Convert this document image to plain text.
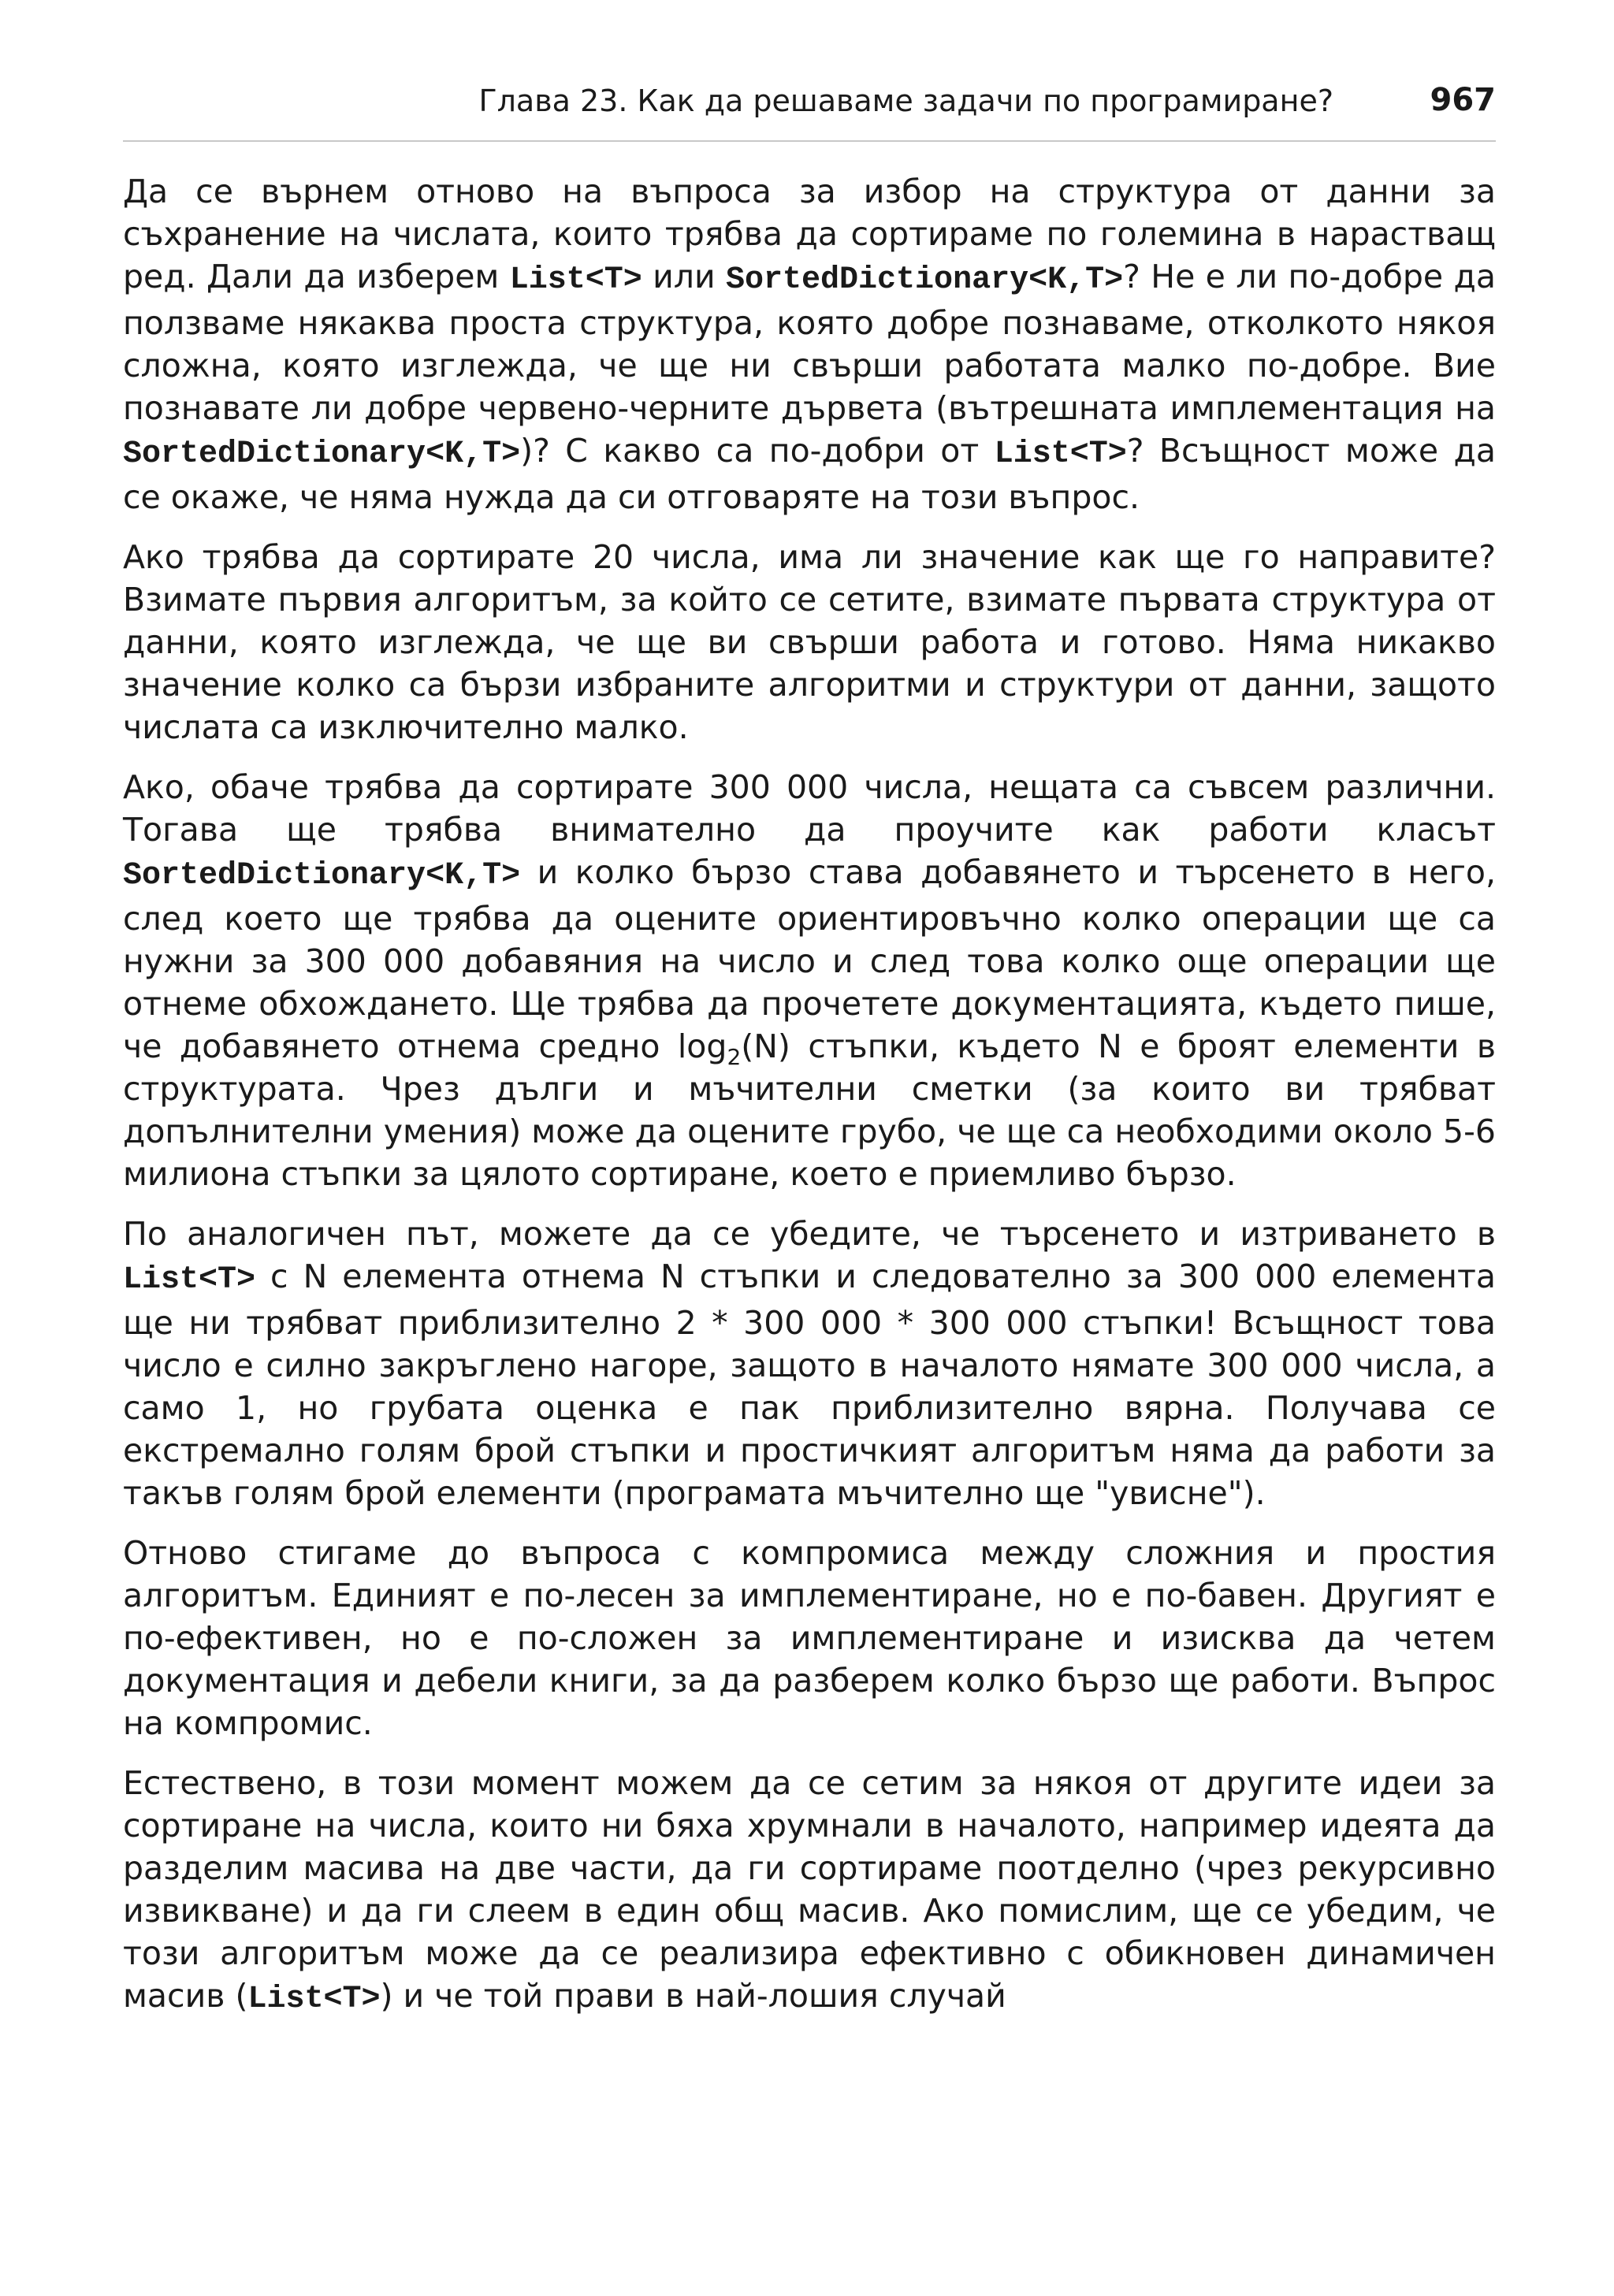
Глава 23. Как да решаваме задачи по програмиране?	967

Да се върнем отново на въпроса за избор на структура от данни за съхранение на числата, които трябва да сортираме по големина в нарастващ ред. Дали да изберем List<T> или SortedDictionary<K,T>? Не е ли по-добре да ползваме някаква проста структура, която добре познаваме, отколкото някоя сложна, която изглежда, че ще ни свърши работата малко по-добре. Вие познавате ли добре червено-черните дървета (вътрешната имплементация на SortedDictionary<K,T>)? С какво са по-добри от List<T>? Всъщност може да се окаже, че няма нужда да си отговаряте на този въпрос.

Ако трябва да сортирате 20 числа, има ли значение как ще го направите? Взимате първия алгоритъм, за който се сетите, взимате първата структура от данни, която изглежда, че ще ви свърши работа и готово. Няма никакво значение колко са бързи избраните алгоритми и структури от данни, защото числата са изключително малко.

Ако, обаче трябва да сортирате 300 000 числа, нещата са съвсем различни. Тогава ще трябва внимателно да проучите как работи класът SortedDictionary<K,T> и колко бързо става добавянето и търсенето в него, след което ще трябва да оцените ориентировъчно колко операции ще са нужни за 300 000 добавяния на число и след това колко още операции ще отнеме обхождането. Ще трябва да прочетете документацията, където пише, че добавянето отнема средно $\log_2(N)$ стъпки, където N е броят елементи в структурата. Чрез дълги и мъчителни сметки (за които ви трябват допълнителни умения) може да оцените грубо, че ще са необходими около 5-6 милиона стъпки за цялото сортиране, което е приемливо бързо.

По аналогичен път, можете да се убедите, че търсенето и изтриването в List<T> с N елемента отнема N стъпки и следователно за 300 000 елемента ще ни трябват приблизително 2 * 300 000 * 300 000 стъпки! Всъщност това число е силно закръглено нагоре, защото в началото нямате 300 000 числа, а само 1, но грубата оценка е пак приблизително вярна. Получава се екстремално голям брой стъпки и простичкият алгоритъм няма да работи за такъв голям брой елементи (програмата мъчително ще "увисне").

Отново стигаме до въпроса с компромиса между сложния и простия алгоритъм. Единият е по-лесен за имплементиране, но е по-бавен. Другият е по-ефективен, но е по-сложен за имплементиране и изисква да четем документация и дебели книги, за да разберем колко бързо ще работи. Въпрос на компромис.

Естествено, в този момент можем да се сетим за някоя от другите идеи за сортиране на числа, които ни бяха хрумнали в началото, например идеята да разделим масива на две части, да ги сортираме поотделно (чрез рекурсивно извикване) и да ги слеем в един общ масив. Ако помислим, ще се убедим, че този алгоритъм може да се реализира ефективно с обикновен динамичен масив (List<T>) и че той прави в най-лошия случай
